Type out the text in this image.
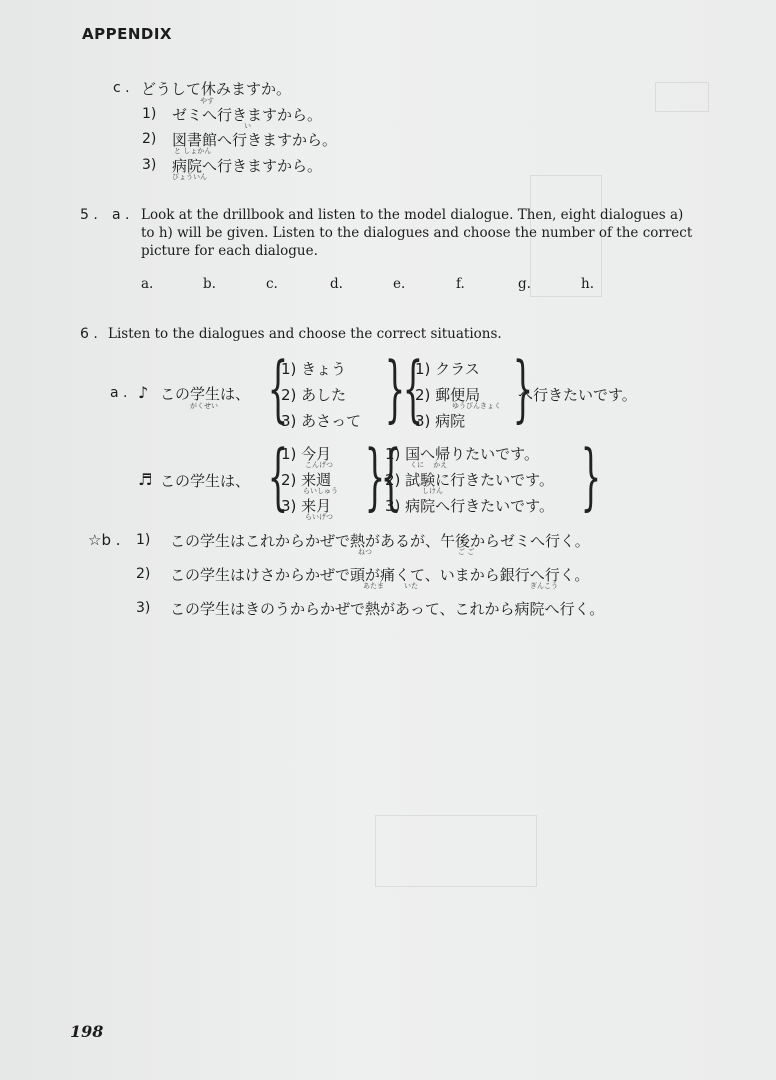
APPENDIX
c . どうして休みますか。
やす
1) ゼミへ行きますから。
い
2) 図書館へ行きますから。
と しょかん
3) 病院へ行きますから。
びょういん
5 . a . Look at the drillbook and listen to the model dialogue. Then, eight dialogues a)
to h) will be given. Listen to the dialogues and choose the number of the correct
picture for each dialogue.
a.	b.	c.	d.	e.	f.	g.	h.
6 . Listen to the dialogues and choose the correct situations.
a . ♪ この学生は、
がくせい {
1) きょう
2) あした
3) あさって }
{
1) クラス
2) 郵便局
ゆうびんきょく
3) 病院 }
へ行きたいです。
♬ この学生は、 {
1) 今月
こんげつ
2) 来週
らいしゅう
3) 来月
らいげつ }
{
1) 国へ帰りたいです。
くに　 かえ
2) 試験に行きたいです。
しけん
3) 病院へ行きたいです。 }
☆b . 1) この学生はこれからかぜで熱があるが、午後からゼミへ行く。
ねつ	ご ご
2) この学生はけさからかぜで頭が痛くて、いまから銀行へ行く。
あたま	いた	ぎんこう
3) この学生はきのうからかぜで熱があって、これから病院へ行く。
198
